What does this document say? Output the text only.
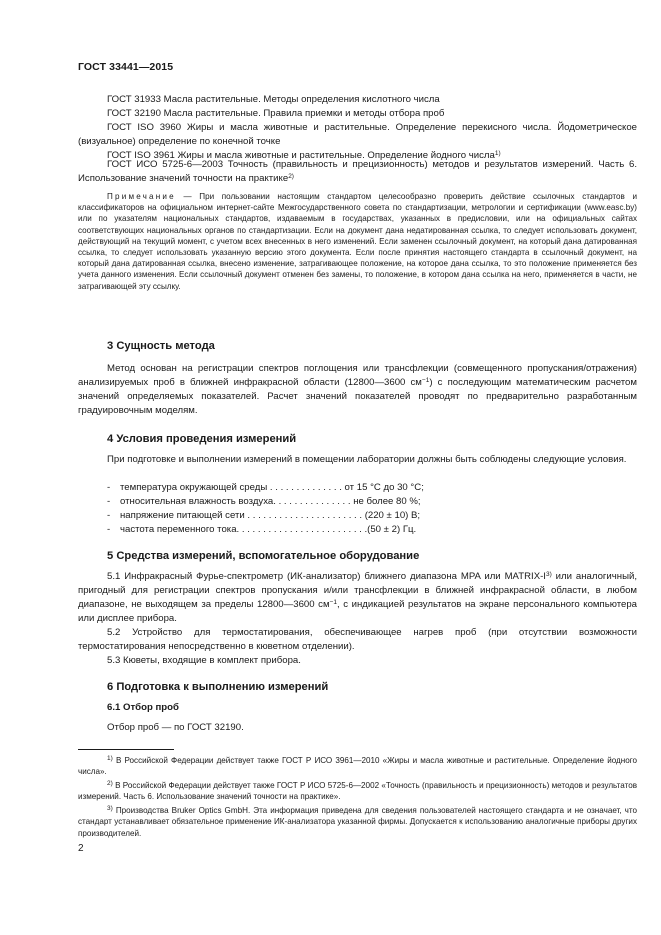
ГОСТ 33441—2015
ГОСТ 31933 Масла растительные. Методы определения кислотного числа
ГОСТ 32190 Масла растительные. Правила приемки и методы отбора проб
ГОСТ ISO 3960 Жиры и масла животные и растительные. Определение перекисного числа. Йодометрическое (визуальное) определение по конечной точке
ГОСТ ISO 3961 Жиры и масла животные и растительные. Определение йодного числа$^{1)}$
ГОСТ ИСО 5725-6—2003 Точность (правильность и прецизионность) методов и результатов измерений. Часть 6. Использование значений точности на практике$^{2)}$
Примечание — При пользовании настоящим стандартом целесообразно проверить действие ссылочных стандартов и классификаторов на официальном интернет-сайте Межгосударственного совета по стандартизации, метрологии и сертификации (www.easc.by) или по указателям национальных стандартов, издаваемым в государствах, указанных в предисловии, или на официальных сайтах соответствующих национальных органов по стандартизации. Если на документ дана недатированная ссылка, то следует использовать документ, действующий на текущий момент, с учетом всех внесенных в него изменений. Если заменен ссылочный документ, на который дана датированная ссылка, то следует использовать указанную версию этого документа. Если после принятия настоящего стандарта в ссылочный документ, на который дана датированная ссылка, внесено изменение, затрагивающее положение, на которое дана ссылка, то это положение применяется без учета данного изменения. Если ссылочный документ отменен без замены, то положение, в котором дана ссылка на него, применяется в части, не затрагивающей эту ссылку.
3 Сущность метода
Метод основан на регистрации спектров поглощения или трансфлекции (совмещенного пропускания/отражения) анализируемых проб в ближней инфракрасной области (12800—3600 $см^{-1}$) с последующим математическим расчетом значений определяемых показателей. Расчет значений показателей проводят по предварительно разработанным градуировочным моделям.
4 Условия проведения измерений
При подготовке и выполнении измерений в помещении лаборатории должны быть соблюдены следующие условия.
- температура окружающей среды . . . . . . . . . . . . . . от 15 °С до 30 °С;
- относительная влажность воздуха. . . . . . . . . . . . . . . не более 80 %;
- напряжение питающей сети . . . . . . . . . . . . . . . . . . . . . . (220 ± 10) В;
- частота переменного тока. . . . . . . . . . . . . . . . . . . . . . . . .(50 ± 2) Гц.
5 Средства измерений, вспомогательное оборудование
5.1 Инфракрасный Фурье-спектрометр (ИК-анализатор) ближнего диапазона MPA или MATRIX-$I^{3)}$ или аналогичный, пригодный для регистрации спектров пропускания и/или трансфлекции в ближней инфракрасной области, в любом диапазоне, не выходящем за пределы 12800—3600 $см^{-1}$, с индикацией результатов на экране персонального компьютера или дисплее прибора.
5.2 Устройство для термостатирования, обеспечивающее нагрев проб (при отсутствии возможности термостатирования непосредственно в кюветном отделении).
5.3 Кюветы, входящие в комплект прибора.
6 Подготовка к выполнению измерений
6.1 Отбор проб
Отбор проб — по ГОСТ 32190.
$^{1)}$ В Российской Федерации действует также ГОСТ Р ИСО 3961—2010 «Жиры и масла животные и растительные. Определение йодного числа».
$^{2)}$ В Российской Федерации действует также ГОСТ Р ИСО 5725-6—2002 «Точность (правильность и прецизионность) методов и результатов измерений. Часть 6. Использование значений точности на практике».
$^{3)}$ Производства Bruker Optics GmbH. Эта информация приведена для сведения пользователей настоящего стандарта и не означает, что стандарт устанавливает обязательное применение ИК-анализатора указанной фирмы. Допускается к использованию аналогичные приборы других производителей.
2
